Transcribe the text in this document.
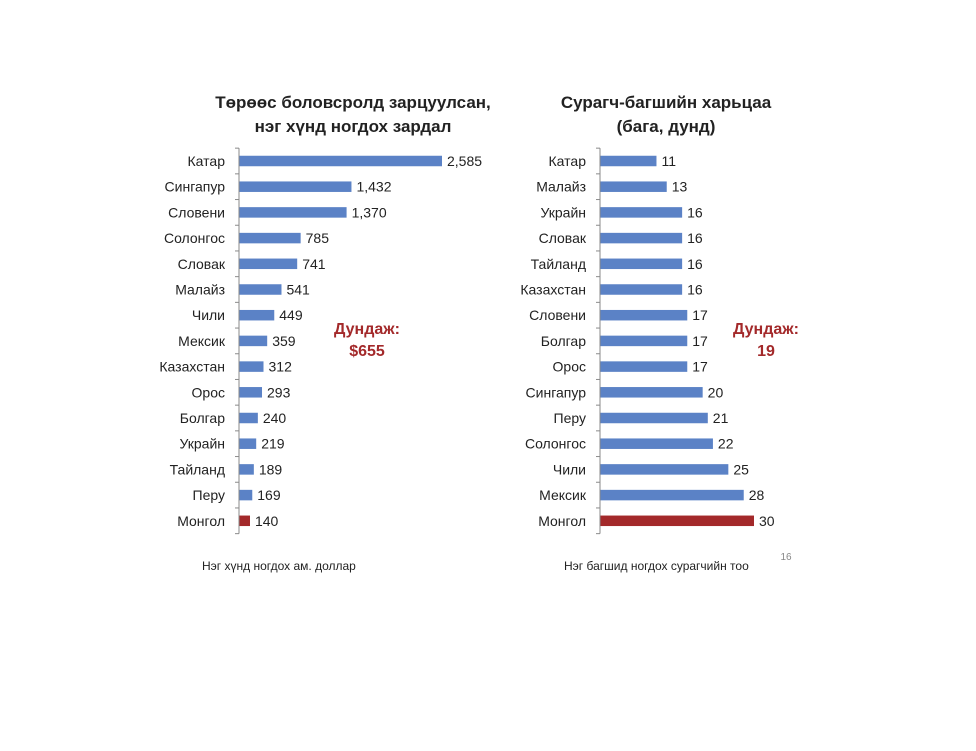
Төрөөс боловсролд зарцуулсан,
нэг хүнд ногдох зардал
Катар	2,585
Сингапур	1,432
Словени	1,370
Солонгос	785
Словак	741
Малайз	541
Чили	449
Мексик	359
Казахстан	312
Орос	293
Болгар	240
Украйн	219
Тайланд 189
Перу 169
Монгол 140
Дундаж:
$655
Нэг хүнд ногдох ам. доллар
Сурагч-багшийн харьцаа
(бага, дунд)
Катар	11
Малайз	13
Украйн	16
Словак	16
Тайланд	16
Казахстан	16
Словени	17
Болгар	17
Орос	17
Сингапур	20
Перу	21
Солонгос	22
Чили	25
Мексик	28
Монгол	30
Дундаж:
19
Нэг багшид ногдох сурагчийн тоо
16
